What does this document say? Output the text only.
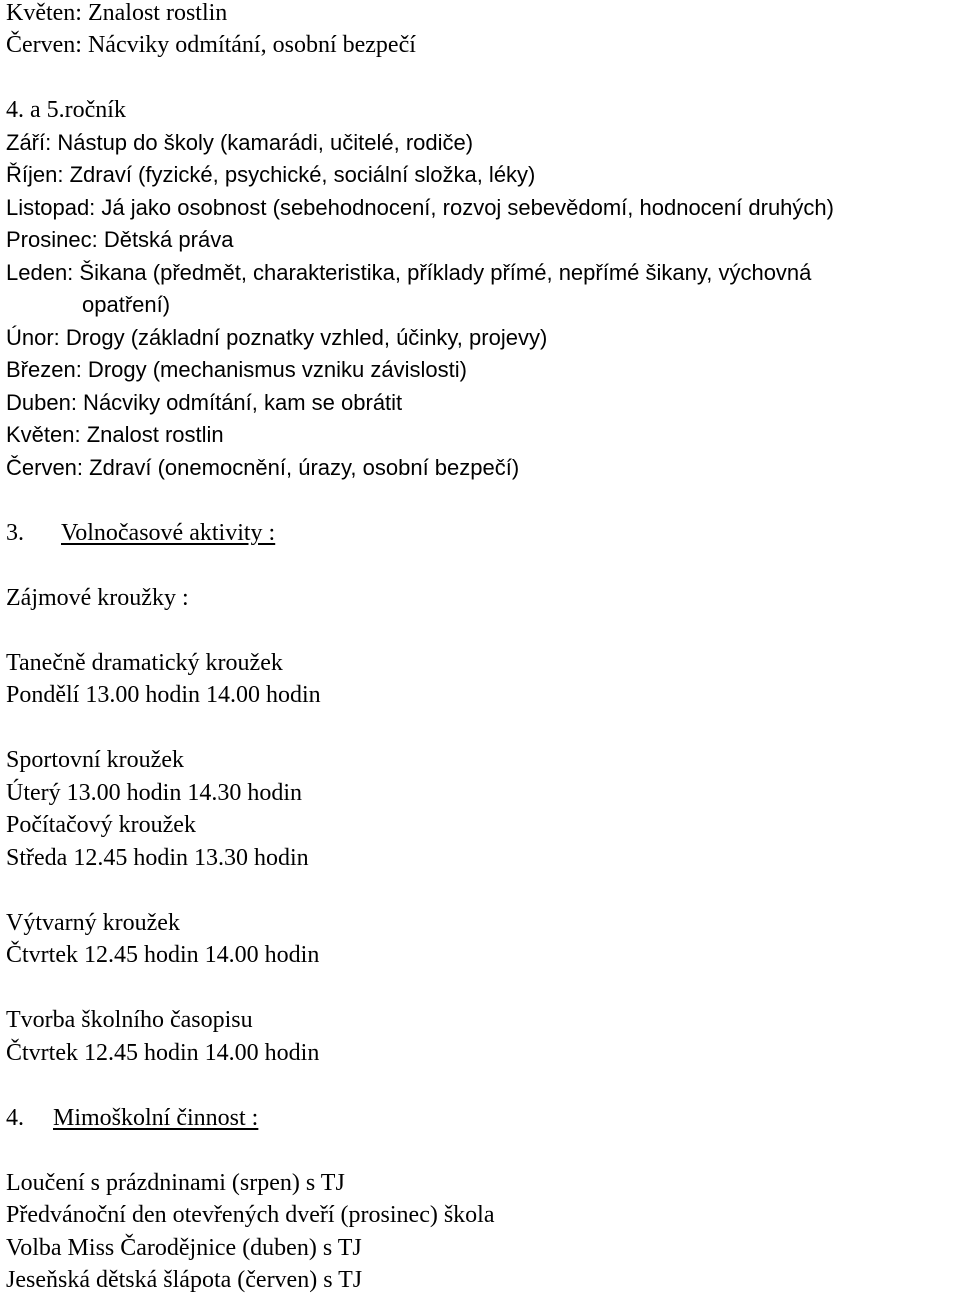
Květen: Znalost rostlin
Červen: Nácviky odmítání, osobní bezpečí
4. a 5.ročník
Září: Nástup do školy (kamarádi, učitelé, rodiče)
Říjen: Zdraví (fyzické, psychické, sociální složka, léky)
Listopad: Já jako osobnost (sebehodnocení, rozvoj sebevědomí, hodnocení druhých)
Prosinec: Dětská práva
Leden: Šikana (předmět, charakteristika, příklady přímé, nepřímé šikany, výchovná
opatření)
Únor: Drogy (základní poznatky vzhled, účinky, projevy)
Březen: Drogy (mechanismus vzniku závislosti)
Duben: Nácviky odmítání, kam se obrátit
Květen: Znalost rostlin
Červen: Zdraví (onemocnění, úrazy, osobní bezpečí)
3. Volnočasové aktivity :
Zájmové kroužky :
Tanečně dramatický kroužek
Pondělí 13.00 hodin 14.00 hodin
Sportovní kroužek
Úterý 13.00 hodin 14.30 hodin
Počítačový kroužek
Středa 12.45 hodin 13.30 hodin
Výtvarný kroužek
Čtvrtek 12.45 hodin 14.00 hodin
Tvorba školního časopisu
Čtvrtek 12.45 hodin 14.00 hodin
4. Mimoškolní činnost :
Loučení s prázdninami (srpen) s TJ
Předvánoční den otevřených dveří (prosinec) škola
Volba Miss Čarodějnice (duben) s TJ
Jeseňská dětská šlápota (červen) s TJ
